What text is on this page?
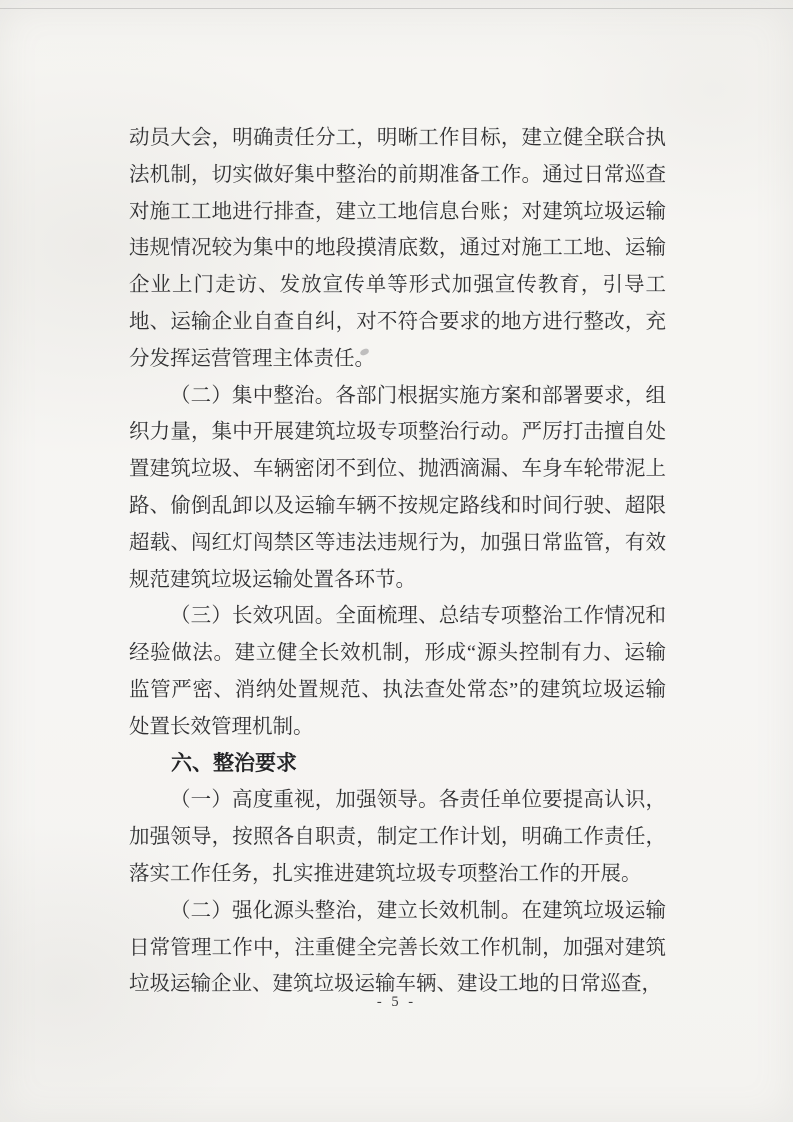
动员大会，明确责任分工，明晰工作目标，建立健全联合执法机制，切实做好集中整治的前期准备工作。通过日常巡查对施工工地进行排查，建立工地信息台账；对建筑垃圾运输违规情况较为集中的地段摸清底数，通过对施工工地、运输企业上门走访、发放宣传单等形式加强宣传教育，引导工地、运输企业自查自纠，对不符合要求的地方进行整改，充分发挥运营管理主体责任。

（二）集中整治。各部门根据实施方案和部署要求，组织力量，集中开展建筑垃圾专项整治行动。严厉打击擅自处置建筑垃圾、车辆密闭不到位、抛洒滴漏、车身车轮带泥上路、偷倒乱卸以及运输车辆不按规定路线和时间行驶、超限超载、闯红灯闯禁区等违法违规行为，加强日常监管，有效规范建筑垃圾运输处置各环节。

（三）长效巩固。全面梳理、总结专项整治工作情况和经验做法。建立健全长效机制，形成“源头控制有力、运输监管严密、消纳处置规范、执法查处常态”的建筑垃圾运输处置长效管理机制。

六、整治要求

（一）高度重视，加强领导。各责任单位要提高认识，加强领导，按照各自职责，制定工作计划，明确工作责任，落实工作任务，扎实推进建筑垃圾专项整治工作的开展。

（二）强化源头整治，建立长效机制。在建筑垃圾运输日常管理工作中，注重健全完善长效工作机制，加强对建筑垃圾运输企业、建筑垃圾运输车辆、建设工地的日常巡查，

- 5 -
